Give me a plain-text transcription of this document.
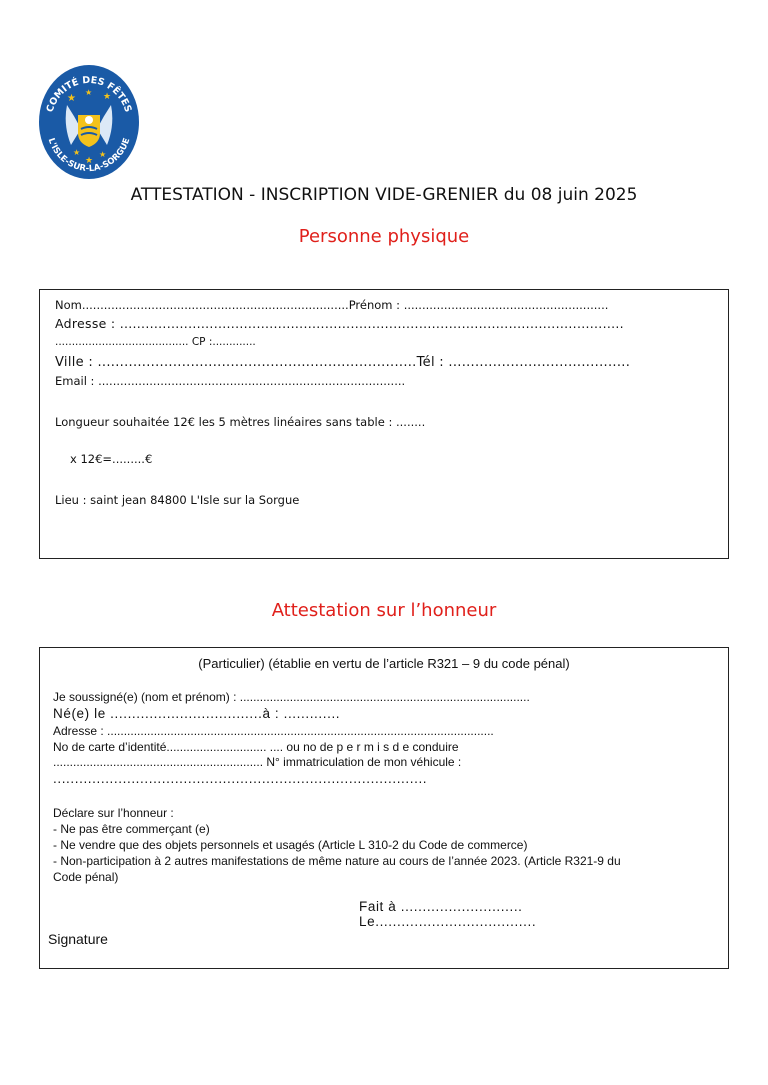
★	★
★
★ ★
★
COMITÉ DES FÊTES
L'ISLE-SUR-LA-SORGUE
ATTESTATION - INSCRIPTION VIDE-GRENIER du 08 juin 2025
Personne physique
Nom.........................................................................Prénom : ........................................................
Adresse : ......................................................................................................................
........................................ CP :.............
Ville : ........................................................................Tél : .........................................
Email : ....................................................................................
Longueur souhaitée 12€ les 5 mètres linéaires sans table : ........
x 12€=.........€
Lieu : saint jean 84800 L'Isle sur la Sorgue
Attestation sur l’honneur
(Particulier) (établie en vertu de l’article R321 – 9 du code pénal)
Je soussigné(e) (nom et prénom) : .......................................................................................
Né(e) le ...................................à : .............
Adresse : ....................................................................................................................
No de carte d’identité.............................. .... ou no de p e r m i s d e conduire
............................................................... N° immatriculation de mon véhicule :
......................................................................................
Déclare sur l’honneur :
- Ne pas être commerçant (e)
- Ne vendre que des objets personnels et usagés (Article L 310-2 du Code de commerce)
- Non-participation à 2 autres manifestations de même nature au cours de l’année 2023. (Article R321-9 du
Code pénal)
Fait à ............................
Le.....................................
Signature
